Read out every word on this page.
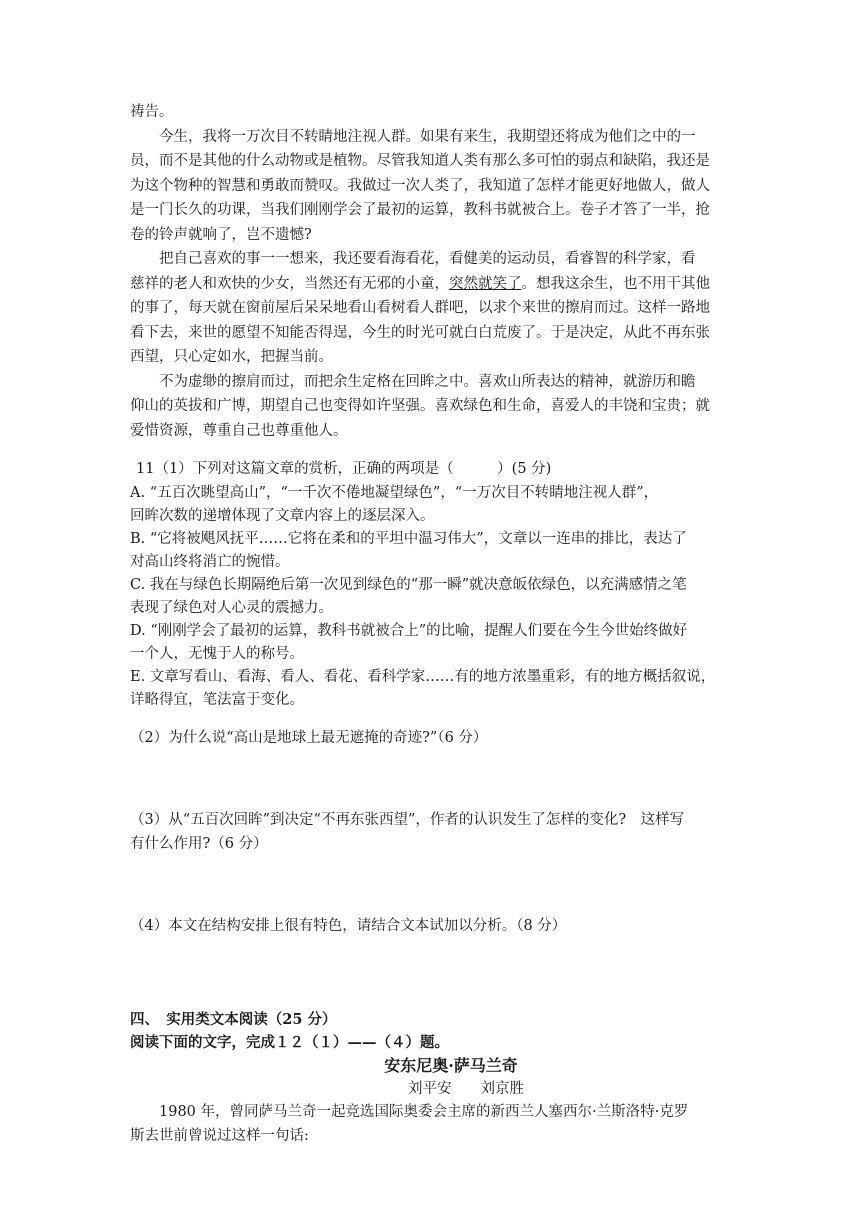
祷告。
今生，我将一万次目不转睛地注视人群。如果有来生，我期望还将成为他们之中的一
员，而不是其他的什么动物或是植物。尽管我知道人类有那么多可怕的弱点和缺陷，我还是
为这个物种的智慧和勇敢而赞叹。我做过一次人类了，我知道了怎样才能更好地做人，做人
是一门长久的功课，当我们刚刚学会了最初的运算，教科书就被合上。卷子才答了一半，抢
卷的铃声就响了，岂不遗憾?
把自己喜欢的事一一想来，我还要看海看花，看健美的运动员，看睿智的科学家，看
慈祥的老人和欢快的少女，当然还有无邪的小童，突然就笑了。想我这余生，也不用干其他
的事了，每天就在窗前屋后呆呆地看山看树看人群吧，以求个来世的擦肩而过。这样一路地
看下去，来世的愿望不知能否得逞，今生的时光可就白白荒废了。于是决定，从此不再东张
西望，只心定如水，把握当前。
不为虚缈的擦肩而过，而把余生定格在回眸之中。喜欢山所表达的精神，就游历和瞻
仰山的英拔和广博，期望自己也变得如许坚强。喜欢绿色和生命，喜爱人的丰饶和宝贵；就
爱惜资源，尊重自己也尊重他人。
11（1）下列对这篇文章的赏析，正确的两项是（　　　）(5 分)
A. “五百次眺望高山”，“一千次不倦地凝望绿色”，“一万次目不转睛地注视人群”，
回眸次数的递增体现了文章内容上的逐层深入。
B. “它将被飓风抚平……它将在柔和的平坦中温习伟大”，文章以一连串的排比，表达了
对高山终将消亡的惋惜。
C. 我在与绿色长期隔绝后第一次见到绿色的“那一瞬”就决意皈依绿色，以充满感情之笔
表现了绿色对人心灵的震撼力。
D. “刚刚学会了最初的运算，教科书就被合上”的比喻，提醒人们要在今生今世始终做好
一个人，无愧于人的称号。
E. 文章写看山、看海、看人、看花、看科学家……有的地方浓墨重彩，有的地方概括叙说，
详略得宜，笔法富于变化。
（2）为什么说“高山是地球上最无遮掩的奇迹?”（6 分）
（3）从“五百次回眸”到决定“不再东张西望”，作者的认识发生了怎样的变化?　这样写
有什么作用?（6 分）
（4）本文在结构安排上很有特色，请结合文本试加以分析。（8 分）
四、　实用类文本阅读（25 分）
阅读下面的文字，完成１２（１）——（４）题。
安东尼奥·萨马兰奇
刘平安　　刘京胜
1980 年，曾同萨马兰奇一起竞选国际奥委会主席的新西兰人塞西尔·兰斯洛特·克罗
斯去世前曾说过这样一句话:
